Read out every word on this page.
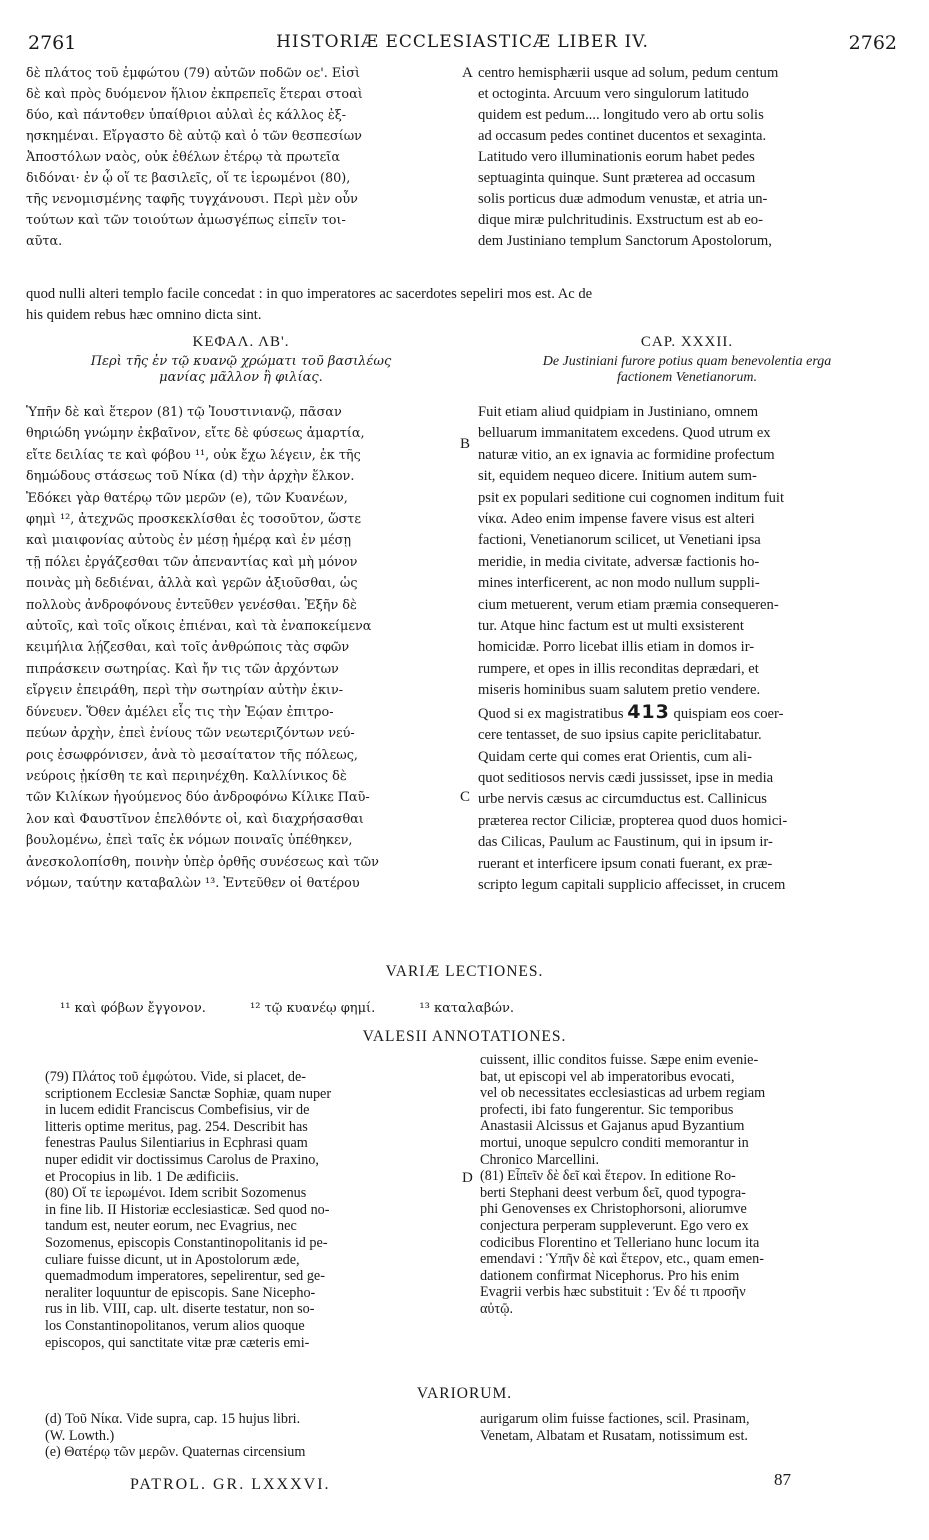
2761	HISTORIÆ ECCLESIASTICÆ LIBER IV.	2762
δὲ πλάτος τοῦ ἐμφώτου (79) αὐτῶν ποδῶν οε'. Εἰσὶ
δὲ καὶ πρὸς δυόμενον ἥλιον ἐκπρεπεῖς ἕτεραι στοαὶ
δύο, καὶ πάντοθεν ὑπαίθριοι αὐλαὶ ἐς κάλλος ἐξ-
ησκημέναι. Εἴργαστο δὲ αὐτῷ καὶ ὁ τῶν θεσπεσίων
Ἀποστόλων ναὸς, οὐκ ἐθέλων ἑτέρῳ τὰ πρωτεῖα
διδόναι· ἐν ᾧ οἵ τε βασιλεῖς, οἵ τε ἱερωμένοι (80),
τῆς νενομισμένης ταφῆς τυγχάνουσι. Περὶ μὲν οὖν
τούτων καὶ τῶν τοιούτων ἀμωσγέπως εἰπεῖν τοι-
αῦτα.
A centro hemisphærii usque ad solum, pedum centum
et octoginta. Arcuum vero singulorum latitudo
quidem est pedum.... longitudo vero ab ortu solis
ad occasum pedes continet ducentos et sexaginta.
Latitudo vero illuminationis eorum habet pedes
septuaginta quinque. Sunt præterea ad occasum
solis porticus duæ admodum venustæ, et atria un-
dique miræ pulchritudinis. Exstructum est ab eo-
dem Justiniano templum Sanctorum Apostolorum,
quod nulli alteri templo facile concedat : in quo imperatores ac sacerdotes sepeliri mos est. Ac de
his quidem rebus hæc omnino dicta sint.
ΚΕΦΑΛ. ΛΒ'.
Περὶ τῆς ἐν τῷ κυανῷ χρώματι τοῦ βασιλέως
μανίας μᾶλλον ἢ φιλίας.
CAP. XXXII.
De Justiniani furore potius quam benevolentia erga
factionem Venetianorum.
Ὑπῆν δὲ καὶ ἕτερον (81) τῷ Ἰουστινιανῷ, πᾶσαν
θηριώδη γνώμην ἐκβαῖνον, εἴτε δὲ φύσεως ἁμαρτία,
εἴτε δειλίας τε καὶ φόβου ¹¹, οὐκ ἔχω λέγειν, ἐκ τῆς
δημώδους στάσεως τοῦ Νίκα (d) τὴν ἀρχὴν ἕλκον.
Ἐδόκει γὰρ θατέρῳ τῶν μερῶν (e), τῶν Κυανέων,
φημὶ ¹², ἀτεχνῶς προσκεκλίσθαι ἐς τοσοῦτον, ὥστε
καὶ μιαιφονίας αὐτοὺς ἐν μέσῃ ἡμέρᾳ καὶ ἐν μέσῃ
τῇ πόλει ἐργάζεσθαι τῶν ἀπεναντίας καὶ μὴ μόνον
ποινὰς μὴ δεδιέναι, ἀλλὰ καὶ γερῶν ἀξιοῦσθαι, ὡς
πολλοὺς ἀνδροφόνους ἐντεῦθεν γενέσθαι. Ἐξῆν δὲ
αὐτοῖς, καὶ τοῖς οἴκοις ἐπιέναι, καὶ τὰ ἐναποκείμενα
κειμήλια λῄζεσθαι, καὶ τοῖς ἀνθρώποις τὰς σφῶν
πιπράσκειν σωτηρίας. Καὶ ἤν τις τῶν ἀρχόντων
εἴργειν ἐπειράθη, περὶ τὴν σωτηρίαν αὐτὴν ἐκιν-
δύνευεν. Ὅθεν ἀμέλει εἷς τις τὴν Ἑῴαν ἐπιτρο-
πεύων ἀρχὴν, ἐπεὶ ἐνίους τῶν νεωτεριζόντων νεύ-
ροις ἐσωφρόνισεν, ἀνὰ τὸ μεσαίτατον τῆς πόλεως,
νεύροις ᾐκίσθη τε καὶ περιηνέχθη. Καλλίνικος δὲ
τῶν Κιλίκων ἡγούμενος δύο ἀνδροφόνω Κίλικε Παῦ-
λον καὶ Φαυστῖνον ἐπελθόντε οἱ, καὶ διαχρήσασθαι
βουλομένω, ἐπεὶ ταῖς ἐκ νόμων ποιναῖς ὑπέθηκεν,
ἀνεσκολοπίσθη, ποινὴν ὑπὲρ ὀρθῆς συνέσεως καὶ τῶν
νόμων, ταύτην καταβαλὼν ¹³. Ἐντεῦθεν οἱ θατέρου
B
C
Fuit etiam aliud quidpiam in Justiniano, omnem
belluarum immanitatem excedens. Quod utrum ex
naturæ vitio, an ex ignavia ac formidine profectum
sit, equidem nequeo dicere. Initium autem sum-
psit ex populari seditione cui cognomen inditum fuit
νίκα. Adeo enim impense favere visus est alteri
factioni, Venetianorum scilicet, ut Venetiani ipsa
meridie, in media civitate, adversæ factionis ho-
mines interficerent, ac non modo nullum suppli-
cium metuerent, verum etiam præmia consequeren-
tur. Atque hinc factum est ut multi exsisterent
homicidæ. Porro licebat illis etiam in domos ir-
rumpere, et opes in illis reconditas deprædari, et
miseris hominibus suam salutem pretio vendere.
Quod si ex magistratibus 413 quispiam eos coer-
cere tentasset, de suo ipsius capite periclitabatur.
Quidam certe qui comes erat Orientis, cum ali-
quot seditiosos nervis cædi jussisset, ipse in media
urbe nervis cæsus ac circumductus est. Callinicus
præterea rector Ciliciæ, propterea quod duos homici-
das Cilicas, Paulum ac Faustinum, qui in ipsum ir-
ruerant et interficere ipsum conati fuerant, ex præ-
scripto legum capitali supplicio affecisset, in crucem
VARIÆ LECTIONES.
¹¹ καὶ φόβων ἔγγονον.	¹² τῷ κυανέῳ φημί.	¹³ καταλαβών.
VALESII ANNOTATIONES.
(79) Πλάτος τοῦ ἐμφώτου. Vide, si placet, de-
scriptionem Ecclesiæ Sanctæ Sophiæ, quam nuper
in lucem edidit Franciscus Combefisius, vir de
litteris optime meritus, pag. 254. Describit has
fenestras Paulus Silentiarius in Ecphrasi quam
nuper edidit vir doctissimus Carolus de Praxino,
et Procopius in lib. 1 De ædificiis.
(80) Οἵ τε ἱερωμένοι. Idem scribit Sozomenus
in fine lib. II Historiæ ecclesiasticæ. Sed quod no-
tandum est, neuter eorum, nec Evagrius, nec
Sozomenus, episcopis Constantinopolitanis id pe-
culiare fuisse dicunt, ut in Apostolorum æde,
quemadmodum imperatores, sepelirentur, sed ge-
neraliter loquuntur de episcopis. Sane Nicepho-
rus in lib. VIII, cap. ult. diserte testatur, non so-
los Constantinopolitanos, verum alios quoque
episcopos, qui sanctitate vitæ præ cæteris emi-
D
cuissent, illic conditos fuisse. Sæpe enim evenie-
bat, ut episcopi vel ab imperatoribus evocati,
vel ob necessitates ecclesiasticas ad urbem regiam
profecti, ibi fato fungerentur. Sic temporibus
Anastasii Alcissus et Gajanus apud Byzantium
mortui, unoque sepulcro conditi memorantur in
Chronico Marcellini.
(81) Εἶπεῖν δὲ δεῖ καὶ ἕτερον. In editione Ro-
berti Stephani deest verbum δεῖ, quod typogra-
phi Genovenses ex Christophorsoni, aliorumve
conjectura perperam suppleverunt. Ego vero ex
codicibus Florentino et Telleriano hunc locum ita
emendavi : Ὑπῆν δὲ καὶ ἕτερον, etc., quam emen-
dationem confirmat Nicephorus. Pro his enim
Evagrii verbis hæc substituit : Ἐν δέ τι προσῆν
αὐτῷ.
VARIORUM.
(d) Τοῦ Νίκα. Vide supra, cap. 15 hujus libri.
(W. Lowth.)
(e) Θατέρῳ τῶν μερῶν. Quaternas circensium
aurigarum olim fuisse factiones, scil. Prasinam,
Venetam, Albatam et Rusatam, notissimum est.
PATROL. GR. LXXXVI.	87
